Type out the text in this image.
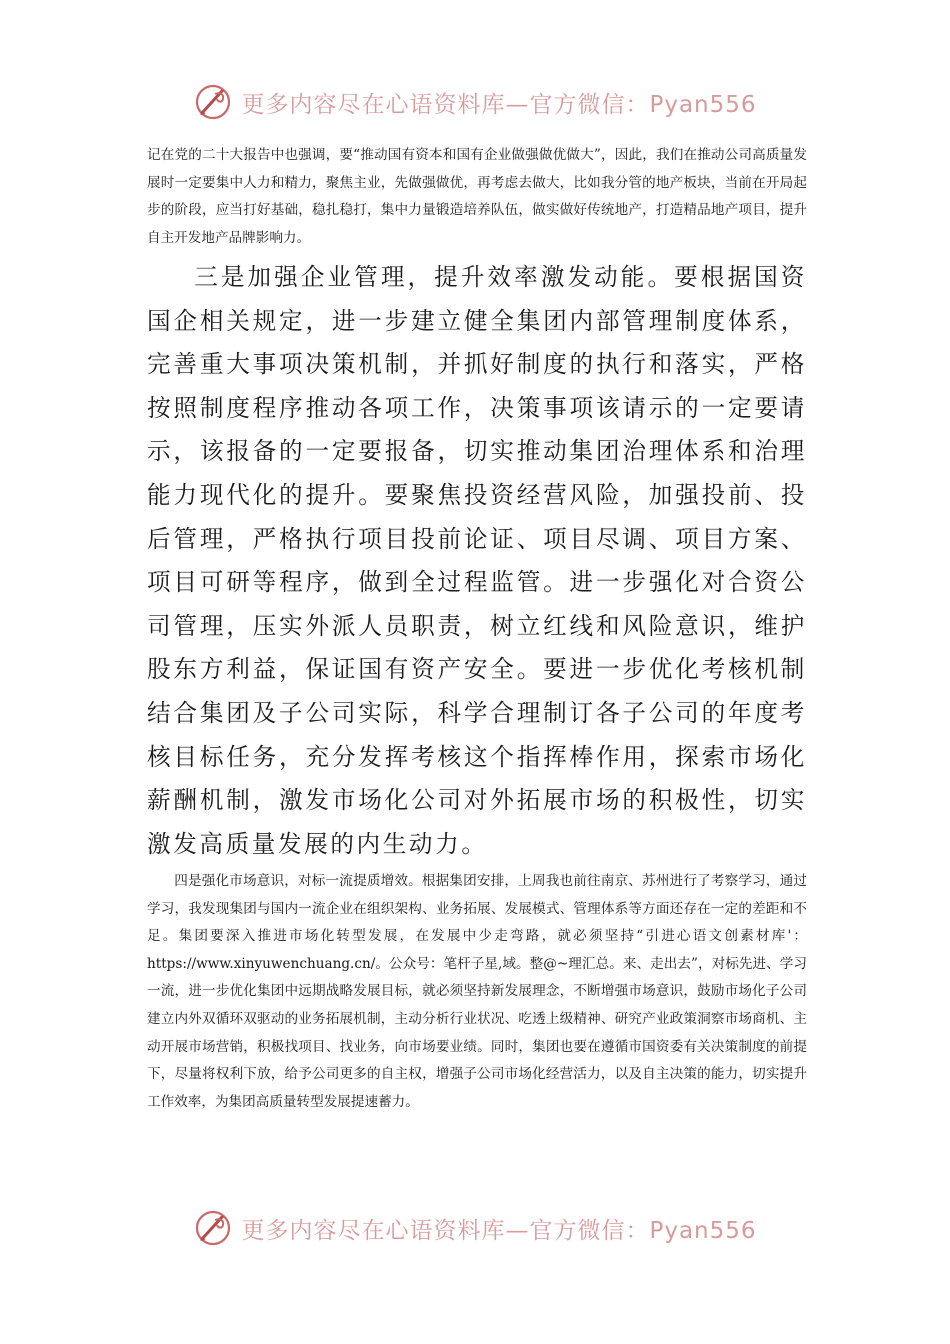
更多内容尽在心语资料库—官方微信：Pyan556

记在党的二十大报告中也强调，要“推动国有资本和国有企业做强做优做大”，因此，我们在推动公司高质量发展时一定要集中人力和精力，聚焦主业，先做强做优，再考虑去做大，比如我分管的地产板块，当前在开局起步的阶段，应当打好基础，稳扎稳打，集中力量锻造培养队伍，做实做好传统地产，打造精品地产项目，提升自主开发地产品牌影响力。

三是加强企业管理，提升效率激发动能。要根据国资国企相关规定，进一步建立健全集团内部管理制度体系，完善重大事项决策机制，并抓好制度的执行和落实，严格按照制度程序推动各项工作，决策事项该请示的一定要请示，该报备的一定要报备，切实推动集团治理体系和治理能力现代化的提升。要聚焦投资经营风险，加强投前、投后管理，严格执行项目投前论证、项目尽调、项目方案、项目可研等程序，做到全过程监管。进一步强化对合资公司管理，压实外派人员职责，树立红线和风险意识，维护股东方利益，保证国有资产安全。要进一步优化考核机制结合集团及子公司实际，科学合理制订各子公司的年度考核目标任务，充分发挥考核这个指挥棒作用，探索市场化薪酬机制，激发市场化公司对外拓展市场的积极性，切实激发高质量发展的内生动力。

四是强化市场意识，对标一流提质增效。根据集团安排，上周我也前往南京、苏州进行了考察学习，通过学习，我发现集团与国内一流企业在组织架构、业务拓展、发展模式、管理体系等方面还存在一定的差距和不足。集团要深入推进市场化转型发展，在发展中少走弯路，就必须坚持“引进心语文创素材库'：https://www.xinyuwenchuang.cn/。公众号：笔杆子星,域。整@~理汇总。来、走出去”，对标先进、学习一流，进一步优化集团中远期战略发展目标，就必须坚持新发展理念，不断增强市场意识，鼓励市场化子公司建立内外双循环双驱动的业务拓展机制，主动分析行业状况、吃透上级精神、研究产业政策洞察市场商机、主动开展市场营销，积极找项目、找业务，向市场要业绩。同时，集团也要在遵循市国资委有关决策制度的前提下，尽量将权利下放，给予公司更多的自主权，增强子公司市场化经营活力，以及自主决策的能力，切实提升工作效率，为集团高质量转型发展提速蓄力。

更多内容尽在心语资料库—官方微信：Pyan556
